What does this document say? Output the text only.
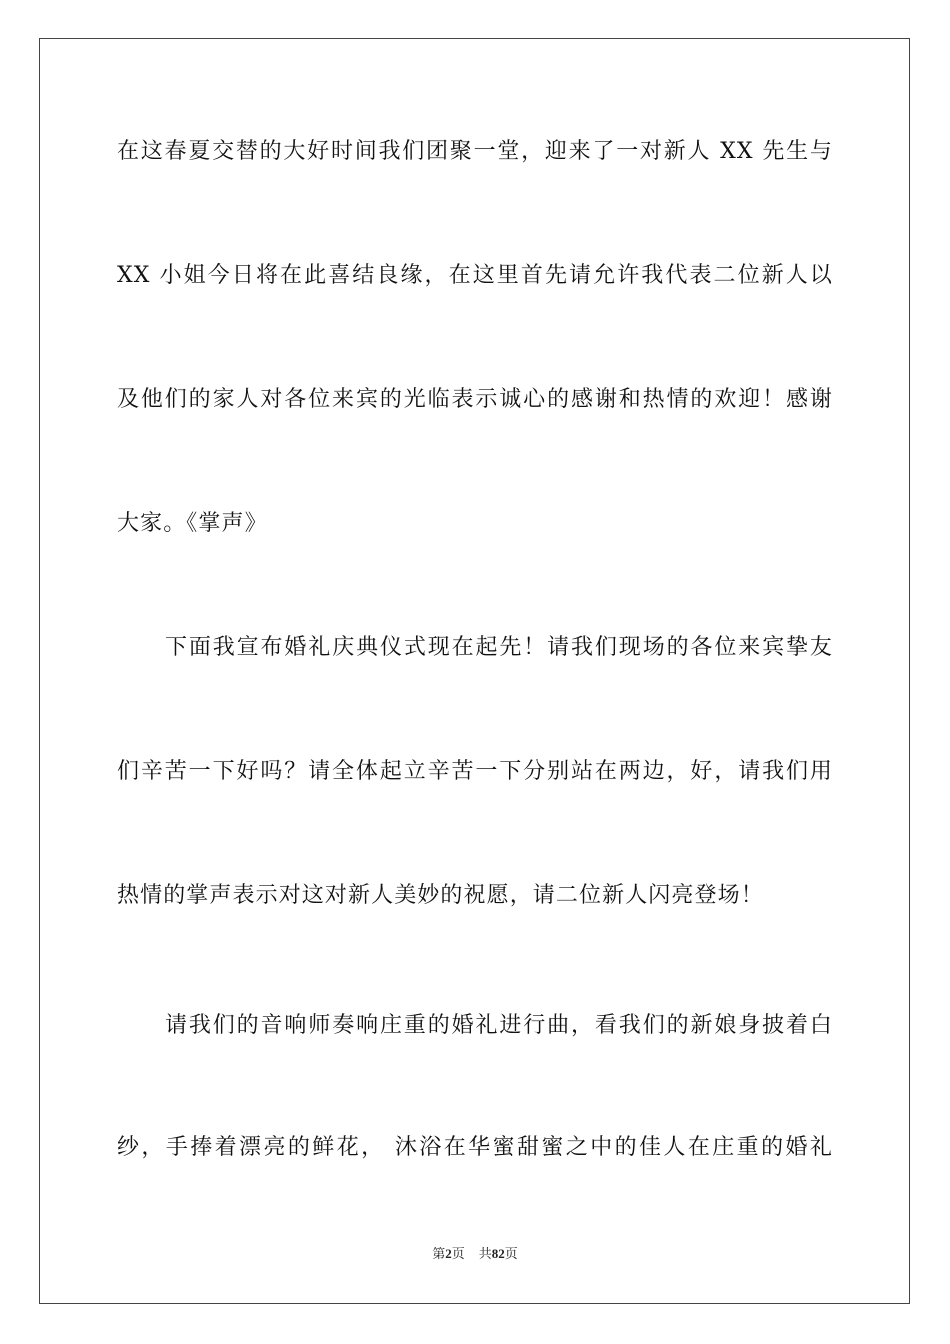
在这春夏交替的大好时间我们团聚一堂，迎来了一对新人 XX 先生与
XX 小姐今日将在此喜结良缘，在这里首先请允许我代表二位新人以
及他们的家人对各位来宾的光临表示诚心的感谢和热情的欢迎！感谢
大家。《掌声》
下面我宣布婚礼庆典仪式现在起先！请我们现场的各位来宾挚友
们辛苦一下好吗？请全体起立辛苦一下分别站在两边，好，请我们用
热情的掌声表示对这对新人美妙的祝愿，请二位新人闪亮登场！
请我们的音响师奏响庄重的婚礼进行曲，看我们的新娘身披着白
纱，手捧着漂亮的鲜花， 沐浴在华蜜甜蜜之中的佳人在庄重的婚礼
第2页 共82页
